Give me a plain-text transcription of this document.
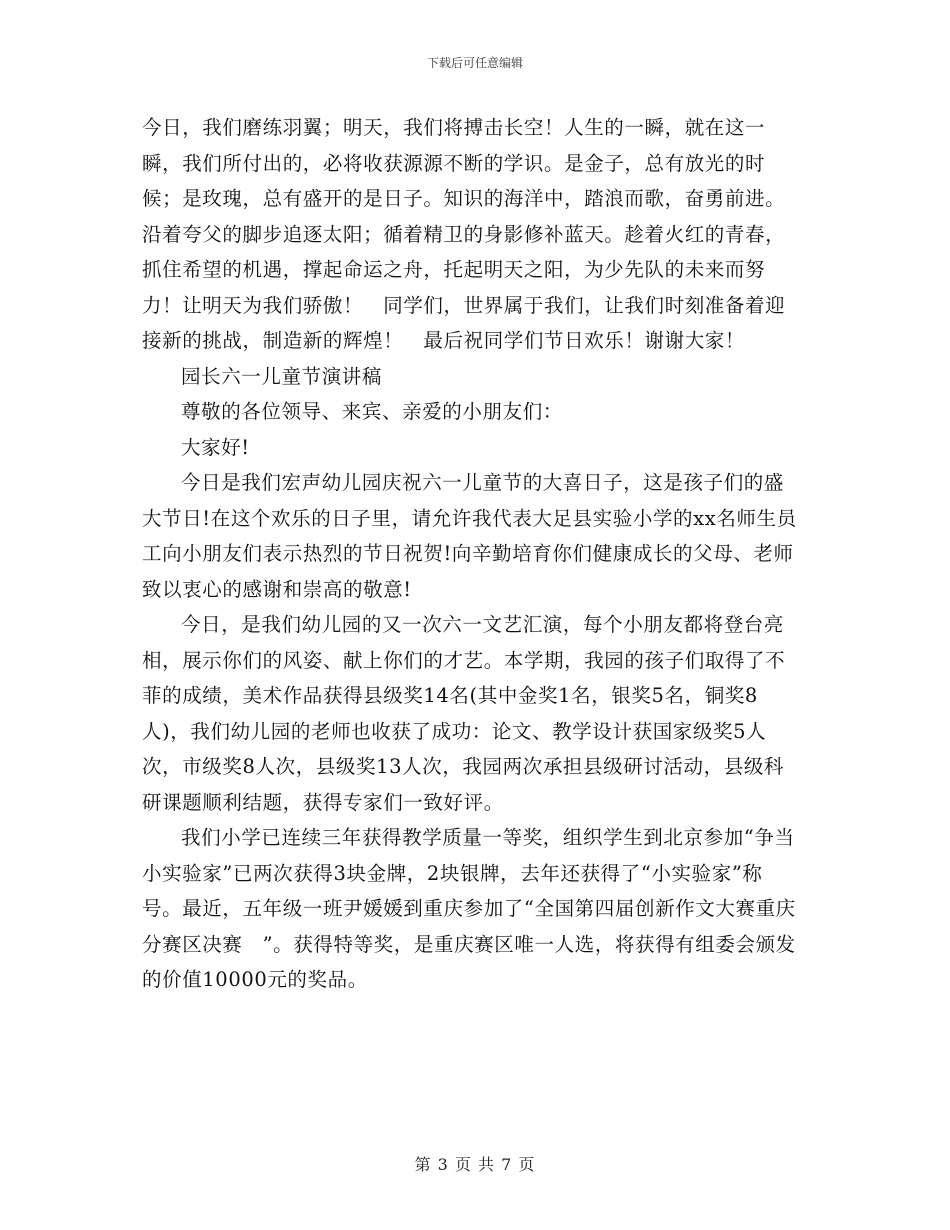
下载后可任意编辑

今日，我们磨练羽翼；明天，我们将搏击长空！人生的一瞬，就在这一瞬，我们所付出的，必将收获源源不断的学识。是金子，总有放光的时候；是玫瑰，总有盛开的是日子。知识的海洋中，踏浪而歌，奋勇前进。沿着夸父的脚步追逐太阳；循着精卫的身影修补蓝天。趁着火红的青春，抓住希望的机遇，撑起命运之舟，托起明天之阳，为少先队的未来而努力！让明天为我们骄傲！　同学们，世界属于我们，让我们时刻准备着迎接新的挑战，制造新的辉煌！　最后祝同学们节日欢乐！谢谢大家！

园长六一儿童节演讲稿

尊敬的各位领导、来宾、亲爱的小朋友们：

大家好!

今日是我们宏声幼儿园庆祝六一儿童节的大喜日子，这是孩子们的盛大节日!在这个欢乐的日子里，请允许我代表大足县实验小学的xx名师生员工向小朋友们表示热烈的节日祝贺!向辛勤培育你们健康成长的父母、老师致以衷心的感谢和崇高的敬意!

今日，是我们幼儿园的又一次六一文艺汇演，每个小朋友都将登台亮相，展示你们的风姿、献上你们的才艺。本学期，我园的孩子们取得了不菲的成绩，美术作品获得县级奖14名(其中金奖1名，银奖5名，铜奖8人)，我们幼儿园的老师也收获了成功：论文、教学设计获国家级奖5人次，市级奖8人次，县级奖13人次，我园两次承担县级研讨活动，县级科研课题顺利结题，获得专家们一致好评。

我们小学已连续三年获得教学质量一等奖，组织学生到北京参加“争当小实验家”已两次获得3块金牌，2块银牌，去年还获得了“小实验家”称号。最近，五年级一班尹媛媛到重庆参加了“全国第四届创新作文大赛重庆分赛区决赛　”。获得特等奖，是重庆赛区唯一人选，将获得有组委会颁发的价值10000元的奖品。

第 3 页 共 7 页
